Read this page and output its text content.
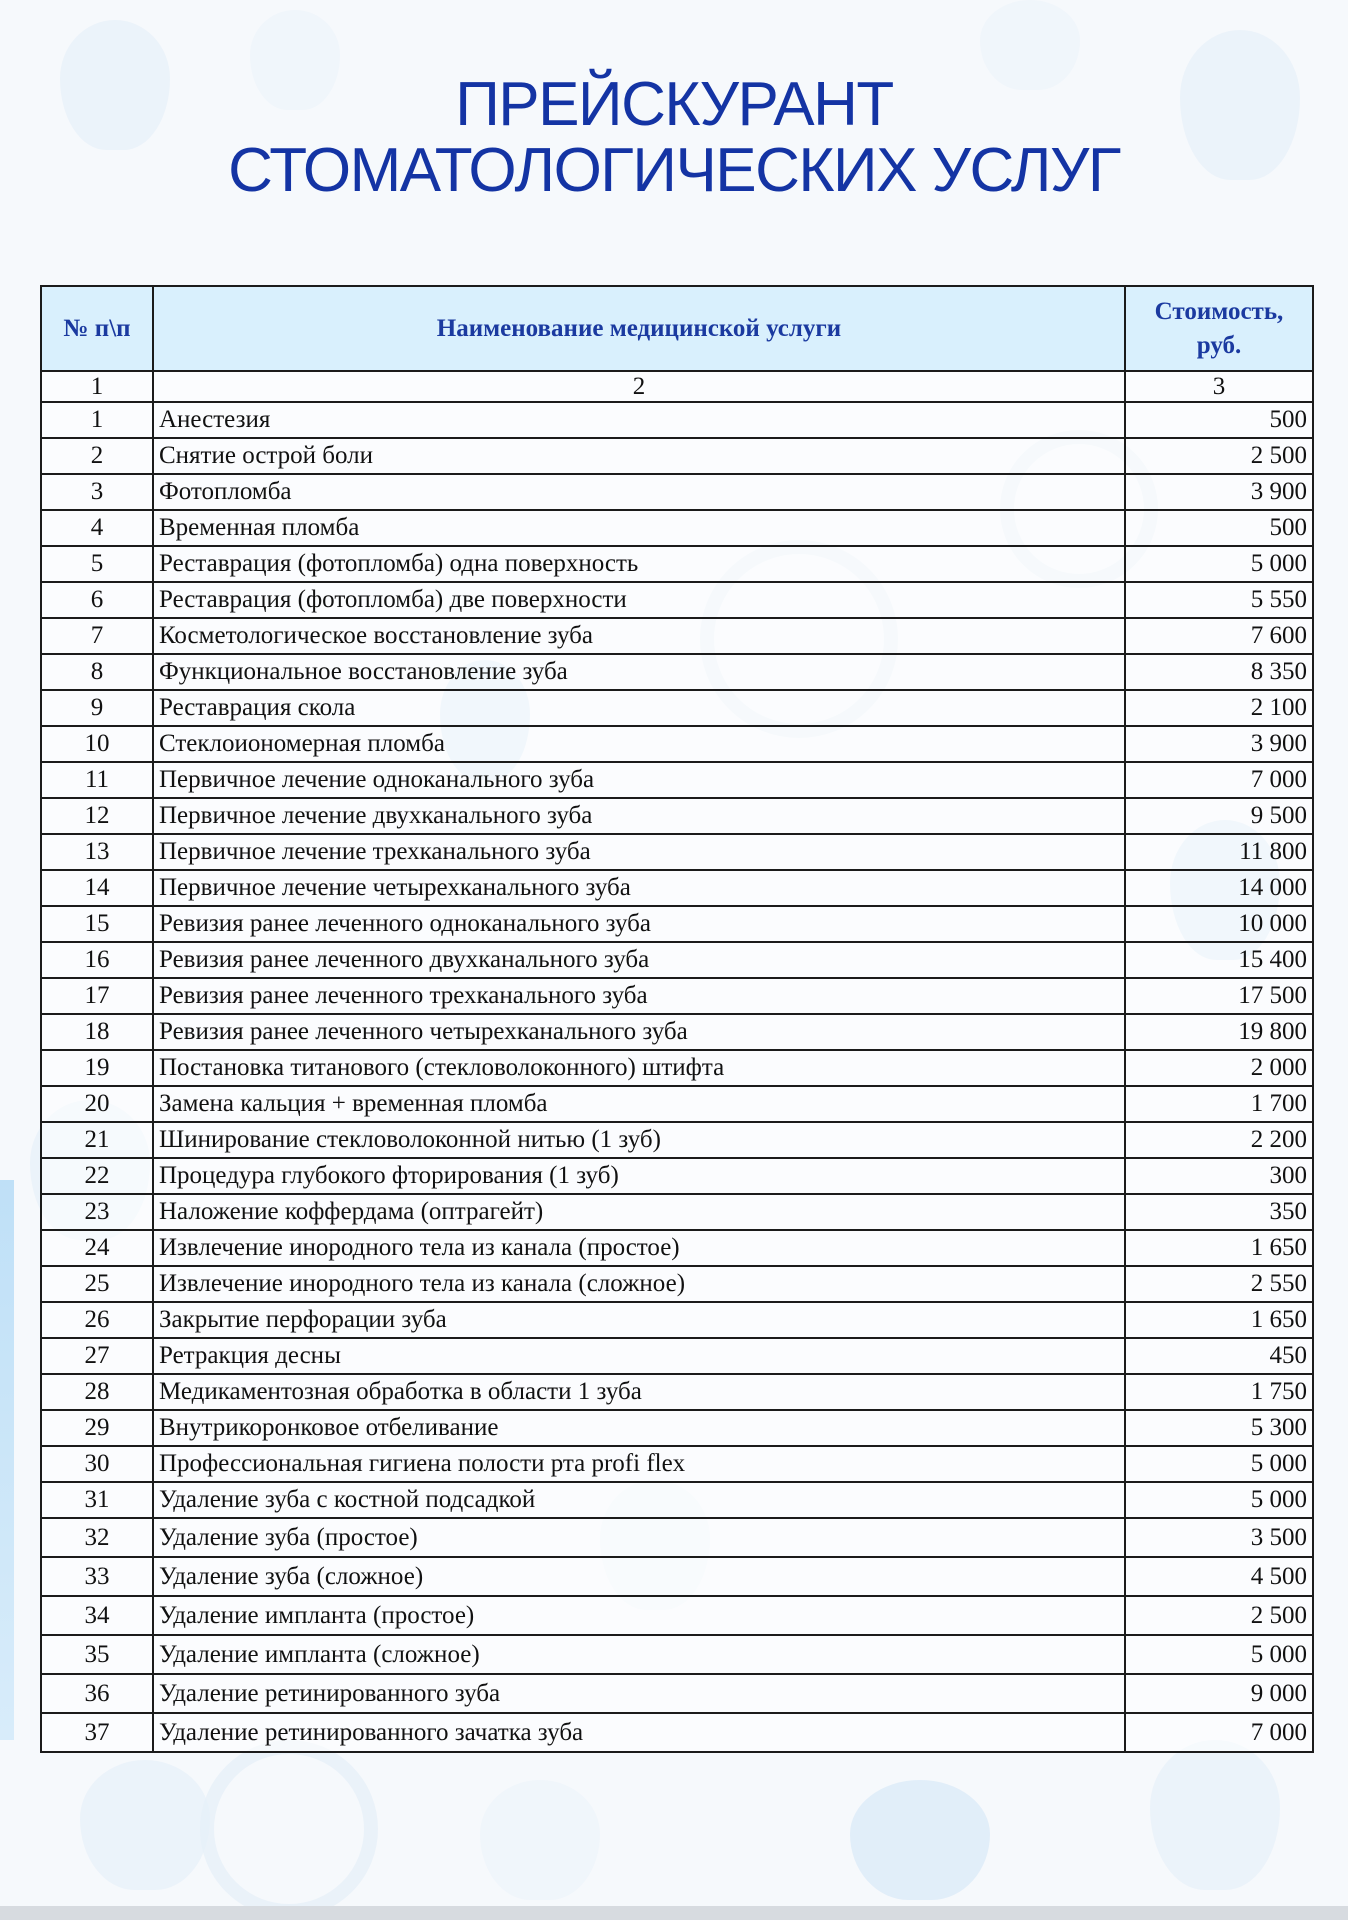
ПРЕЙСКУРАНТ
СТОМАТОЛОГИЧЕСКИХ УСЛУГ
№ п\п	Наименование медицинской услуги	Стоимость, руб.
1	2	3
1	Анестезия	500
2	Снятие острой боли	2 500
3	Фотопломба	3 900
4	Временная пломба	500
5	Реставрация (фотопломба) одна поверхность	5 000
6	Реставрация (фотопломба) две поверхности	5 550
7	Косметологическое восстановление зуба	7 600
8	Функциональное восстановление зуба	8 350
9	Реставрация скола	2 100
10	Стеклоиономерная пломба	3 900
11	Первичное лечение одноканального зуба	7 000
12	Первичное лечение двухканального зуба	9 500
13	Первичное лечение трехканального зуба	11 800
14	Первичное лечение четырехканального зуба	14 000
15	Ревизия ранее леченного одноканального зуба	10 000
16	Ревизия ранее леченного двухканального зуба	15 400
17	Ревизия ранее леченного трехканального зуба	17 500
18	Ревизия ранее леченного четырехканального зуба	19 800
19	Постановка титанового (стекловолоконного) штифта	2 000
20	Замена кальция + временная пломба	1 700
21	Шинирование стекловолоконной нитью (1 зуб)	2 200
22	Процедура глубокого фторирования (1 зуб)	300
23	Наложение коффердама (оптрагейт)	350
24	Извлечение инородного тела из канала (простое)	1 650
25	Извлечение инородного тела из канала (сложное)	2 550
26	Закрытие перфорации зуба	1 650
27	Ретракция десны	450
28	Медикаментозная обработка в области 1 зуба	1 750
29	Внутрикоронковое отбеливание	5 300
30	Профессиональная гигиена полости рта profi flex	5 000
31	Удаление зуба с костной подсадкой	5 000
32	Удаление зуба (простое)	3 500
33	Удаление зуба (сложное)	4 500
34	Удаление импланта (простое)	2 500
35	Удаление импланта (сложное)	5 000
36	Удаление ретинированного зуба	9 000
37	Удаление ретинированного зачатка зуба	7 000
